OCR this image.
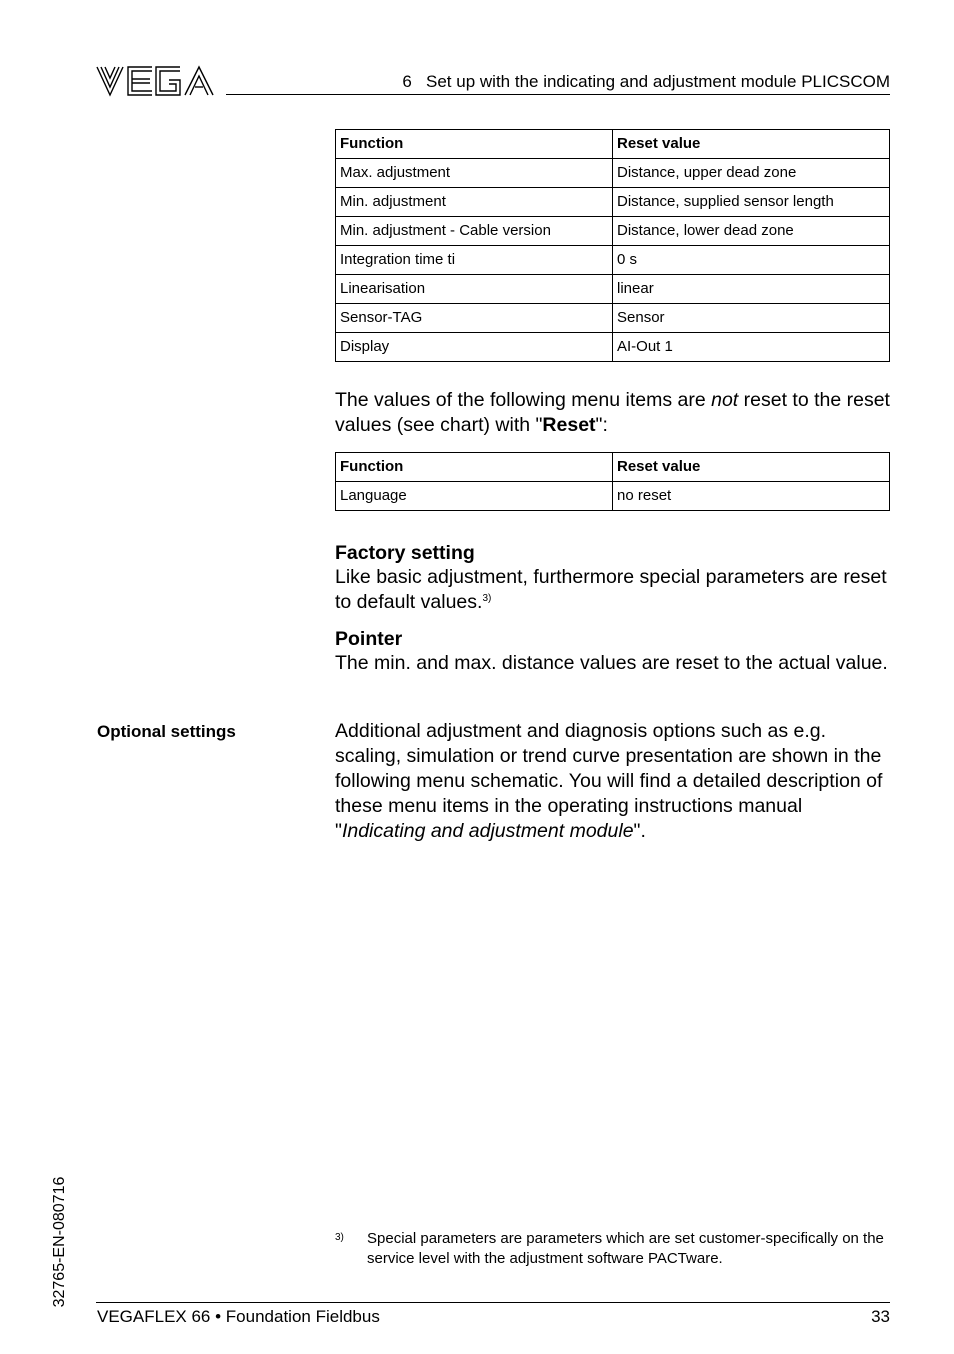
6   Set up with the indicating and adjustment module PLICSCOM
Function	Reset value
Max. adjustment	Distance, upper dead zone
Min. adjustment	Distance, supplied sensor length
Min. adjustment - Cable version	Distance, lower dead zone
Integration time ti	0 s
Linearisation	linear
Sensor-TAG	Sensor
Display	AI-Out 1
The values of the following menu items are not reset to the reset values (see chart) with "Reset":
Function	Reset value
Language	no reset
Factory setting
Like basic adjustment, furthermore special parameters are reset to default values.$^{3)}$
Pointer
The min. and max. distance values are reset to the actual value.
Optional settings	Additional adjustment and diagnosis options such as e.g. scaling, simulation or trend curve presentation are shown in the following menu schematic. You will find a detailed description of these menu items in the operating instructions manual "Indicating and adjustment module".
3) Special parameters are parameters which are set customer-specifically on the service level with the adjustment software PACTware.
32765-EN-080716
VEGAFLEX 66 • Foundation Fieldbus	33
